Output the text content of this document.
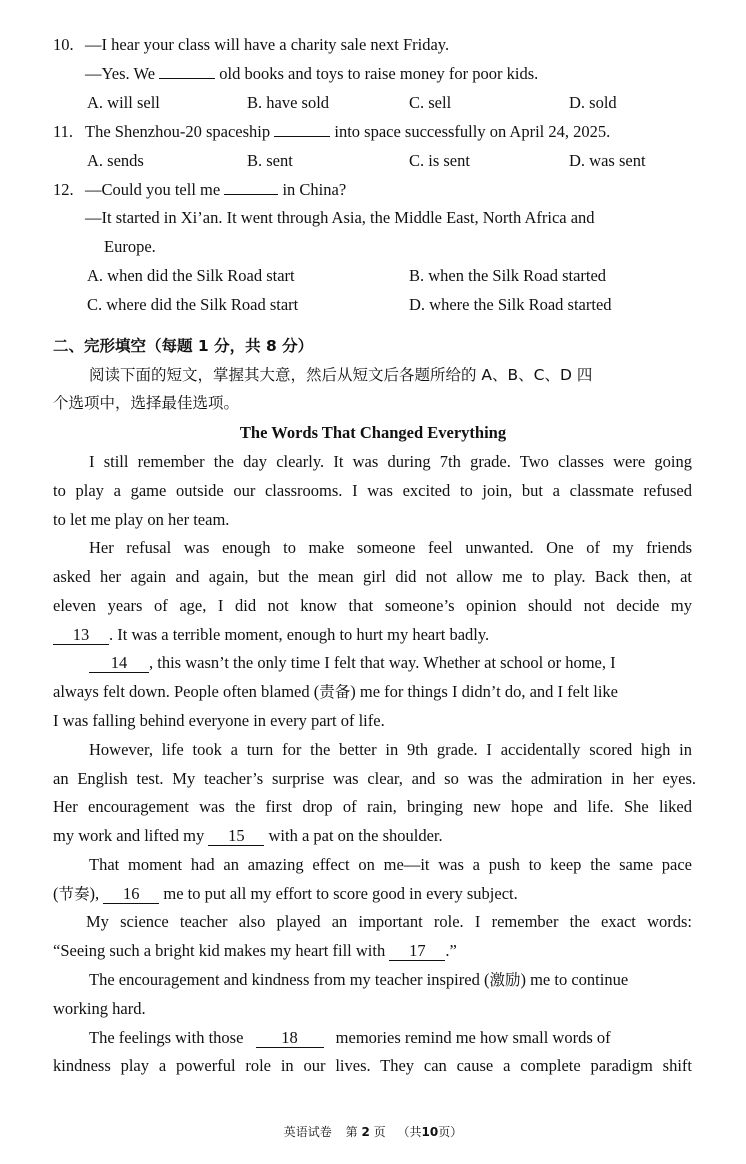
10. —I hear your class will have a charity sale next Friday.
—Yes. We	old books and toys to raise money for poor kids.
A. will sell	B. have sold	C. sell	D. sold
11. The Shenzhou-20 spaceship	into space successfully on April 24, 2025.
A. sends	B. sent	C. is sent	D. was sent
12. —Could you tell me	in China?
—It started in Xi’an. It went through Asia, the Middle East, North Africa and
Europe.
A. when did the Silk Road start	B. when the Silk Road started
C. where did the Silk Road start	D. where the Silk Road started
二、完形填空（每题 1 分，共 8 分）
阅读下面的短文，掌握其大意，然后从短文后各题所给的 A、B、C、D 四
个选项中，选择最佳选项。
The Words That Changed Everything
I still remember the day clearly. It was during 7th grade. Two classes were going
to play a game outside our classrooms. I was excited to join, but a classmate refused
to let me play on her team.
Her refusal was enough to make someone feel unwanted. One of my friends
asked her again and again, but the mean girl did not allow me to play. Back then, at
eleven years of age, I did not know that someone’s opinion should not decide my
13 . It was a terrible moment, enough to hurt my heart badly.
14 , this wasn’t the only time I felt that way. Whether at school or home, I
always felt down. People often blamed (责备) me for things I didn’t do, and I felt like
I was falling behind everyone in every part of life.
However, life took a turn for the better in 9th grade. I accidentally scored high in
an English test. My teacher’s surprise was clear, and so was the admiration in her eyes.
Her encouragement was the first drop of rain, bringing new hope and life. She liked
my work and lifted my 15 with a pat on the shoulder.
That moment had an amazing effect on me—it was a push to keep the same pace
(节奏), 16 me to put all my effort to score good in every subject.
My science teacher also played an important role. I remember the exact words:
“Seeing such a bright kid makes my heart fill with 17 .”
The encouragement and kindness from my teacher inspired (激励) me to continue
working hard.
The feelings with those 18 memories remind me how small words of
kindness play a powerful role in our lives. They can cause a complete paradigm shift
英语试卷 第 2 页 （共10页）
